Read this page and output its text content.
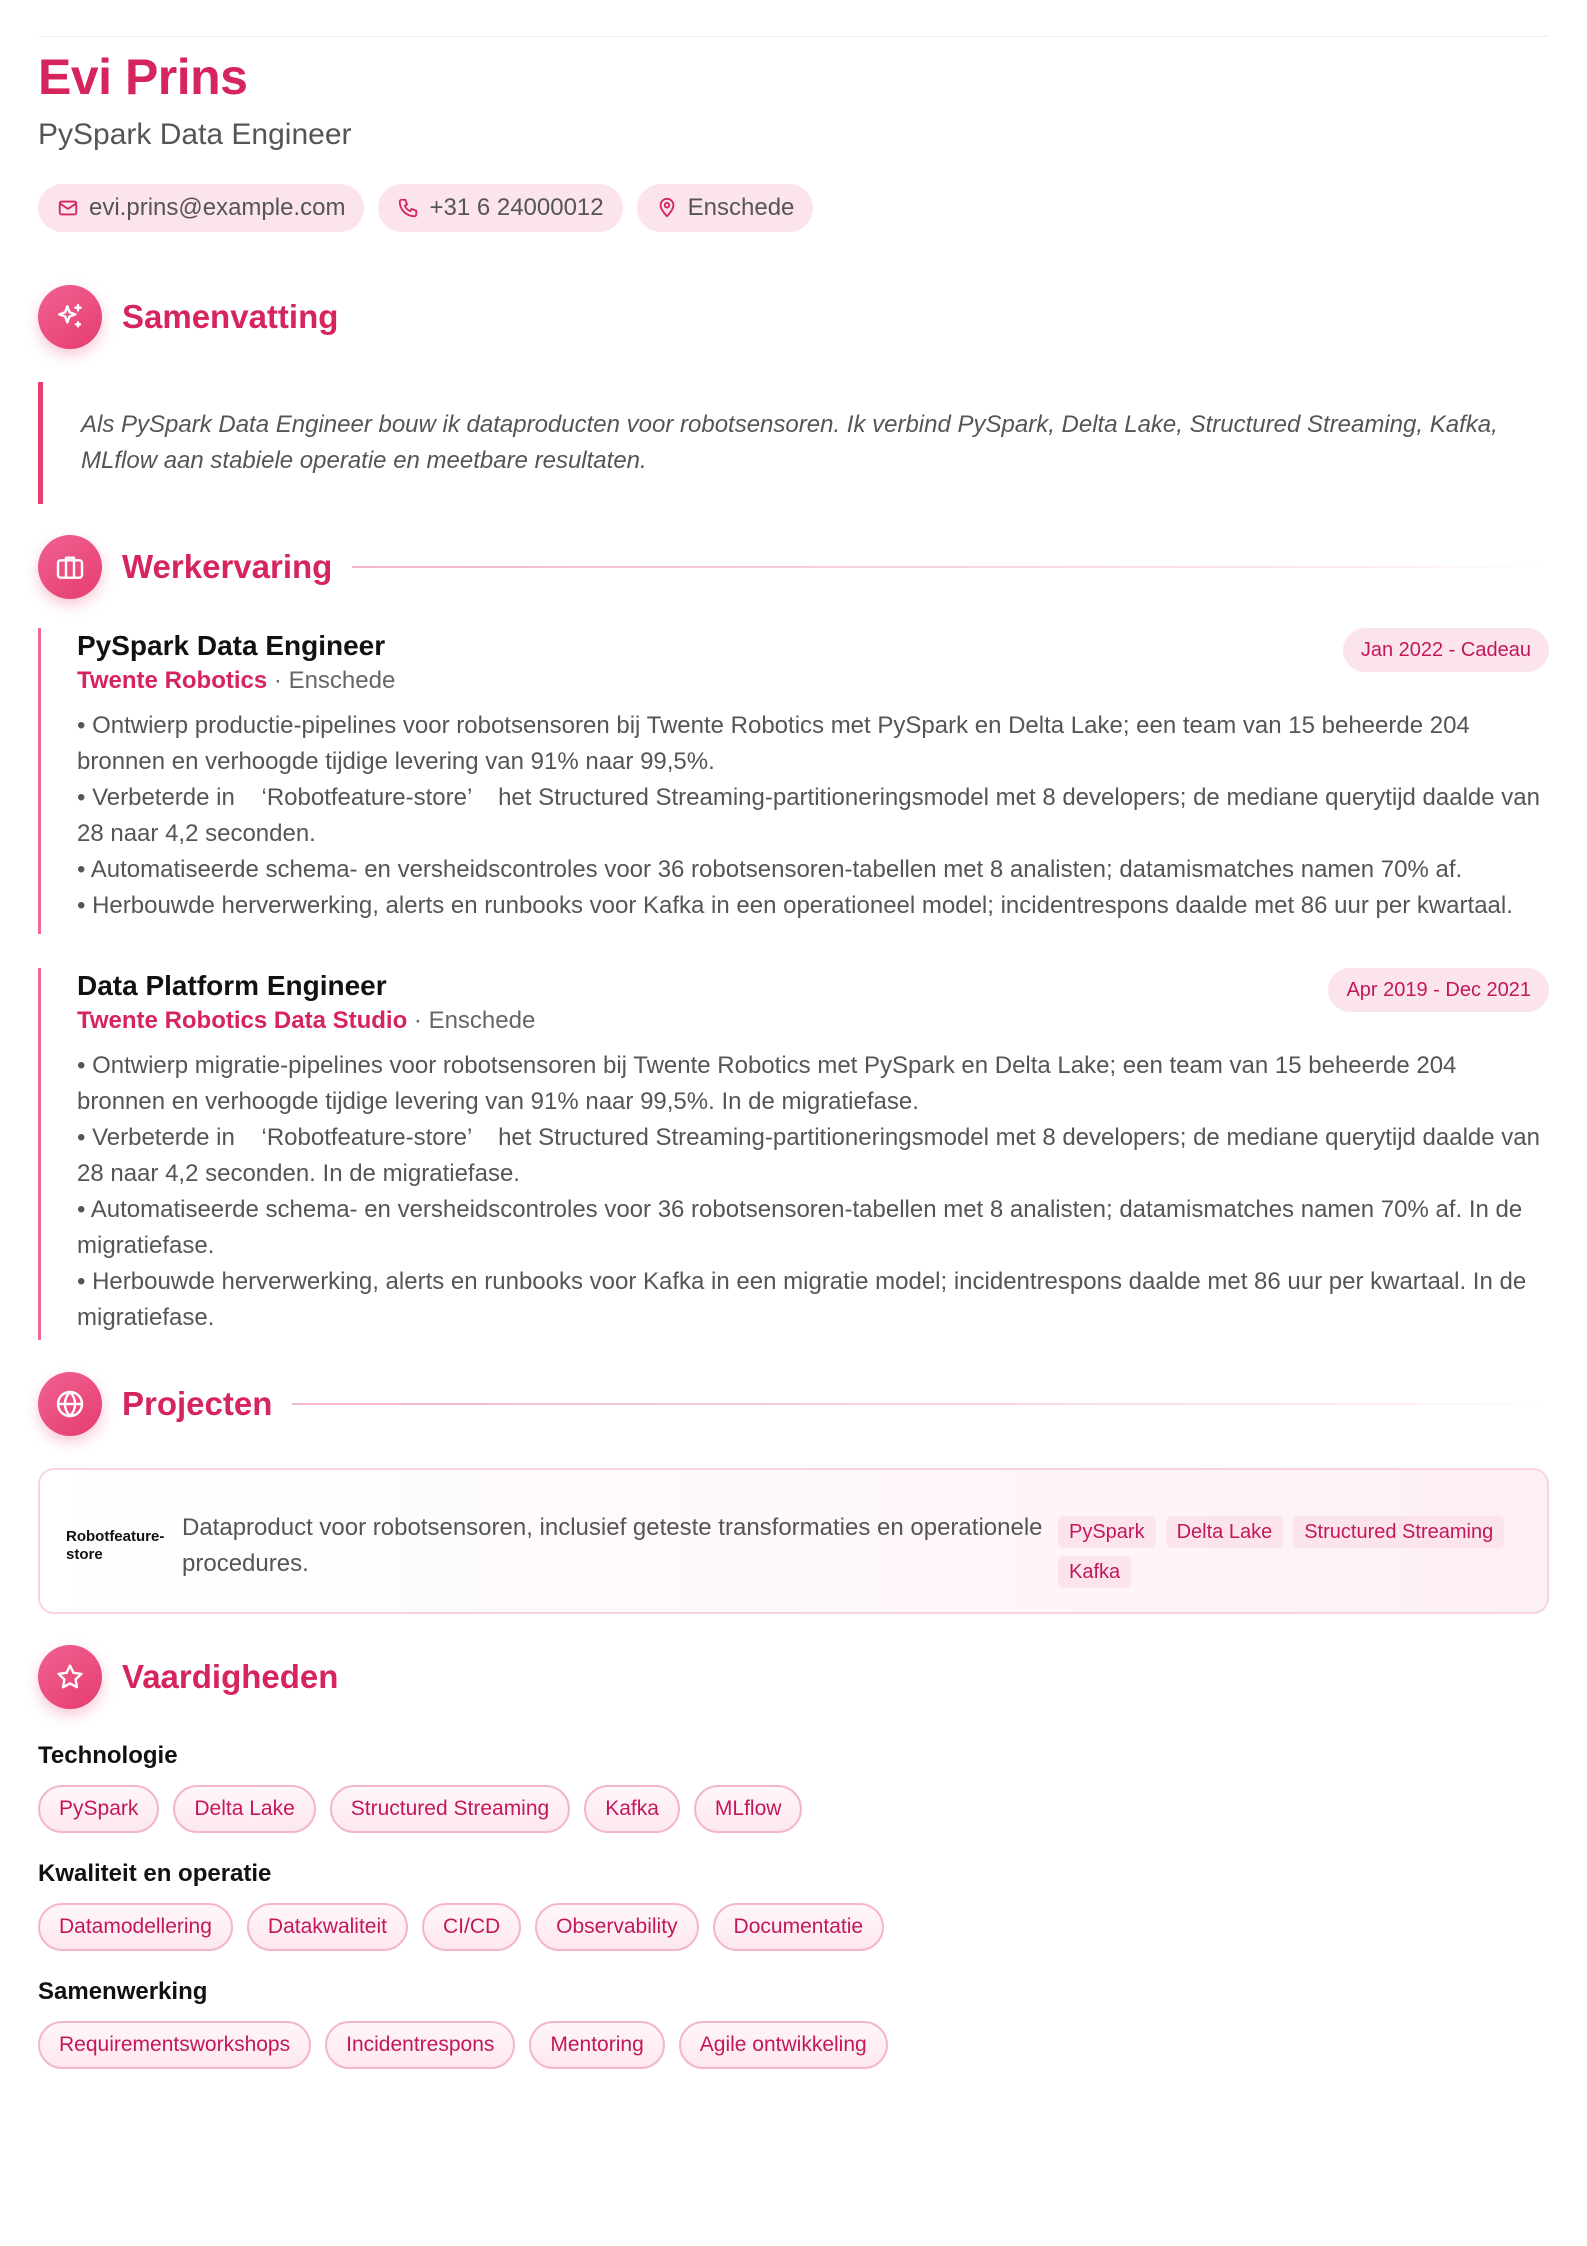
Evi Prins
PySpark Data Engineer
evi.prins@example.com	+31 6 24000012	Enschede
Samenvatting
Als PySpark Data Engineer bouw ik dataproducten voor robotsensoren. Ik verbind PySpark, Delta Lake, Structured Streaming, Kafka, MLflow aan stabiele operatie en meetbare resultaten.
Werkervaring
PySpark Data Engineer
Twente Robotics · Enschede
Jan 2022 - Cadeau
• Ontwierp productie-pipelines voor robotsensoren bij Twente Robotics met PySpark en Delta Lake; een team van 15 beheerde 204 bronnen en verhoogde tijdige levering van 91% naar 99,5%.
• Verbeterde in    ‘Robotfeature-store’    het Structured Streaming-partitioneringsmodel met 8 developers; de mediane querytijd daalde van 28 naar 4,2 seconden.
• Automatiseerde schema- en versheidscontroles voor 36 robotsensoren-tabellen met 8 analisten; datamismatches namen 70% af.
• Herbouwde herverwerking, alerts en runbooks voor Kafka in een operationeel model; incidentrespons daalde met 86 uur per kwartaal.
Data Platform Engineer
Twente Robotics Data Studio · Enschede
Apr 2019 - Dec 2021
• Ontwierp migratie-pipelines voor robotsensoren bij Twente Robotics met PySpark en Delta Lake; een team van 15 beheerde 204 bronnen en verhoogde tijdige levering van 91% naar 99,5%. In de migratiefase.
• Verbeterde in    ‘Robotfeature-store’    het Structured Streaming-partitioneringsmodel met 8 developers; de mediane querytijd daalde van 28 naar 4,2 seconden. In de migratiefase.
• Automatiseerde schema- en versheidscontroles voor 36 robotsensoren-tabellen met 8 analisten; datamismatches namen 70% af. In de migratiefase.
• Herbouwde herverwerking, alerts en runbooks voor Kafka in een migratie model; incidentrespons daalde met 86 uur per kwartaal. In de migratiefase.
Projecten
Robotfeature-store
Dataproduct voor robotsensoren, inclusief geteste transformaties en operationele procedures.
PySpark	Delta Lake	Structured Streaming
Kafka
Vaardigheden
Technologie
PySpark	Delta Lake	Structured Streaming	Kafka	MLflow
Kwaliteit en operatie
Datamodellering	Datakwaliteit	CI/CD	Observability	Documentatie
Samenwerking
Requirementsworkshops	Incidentrespons	Mentoring	Agile ontwikkeling
